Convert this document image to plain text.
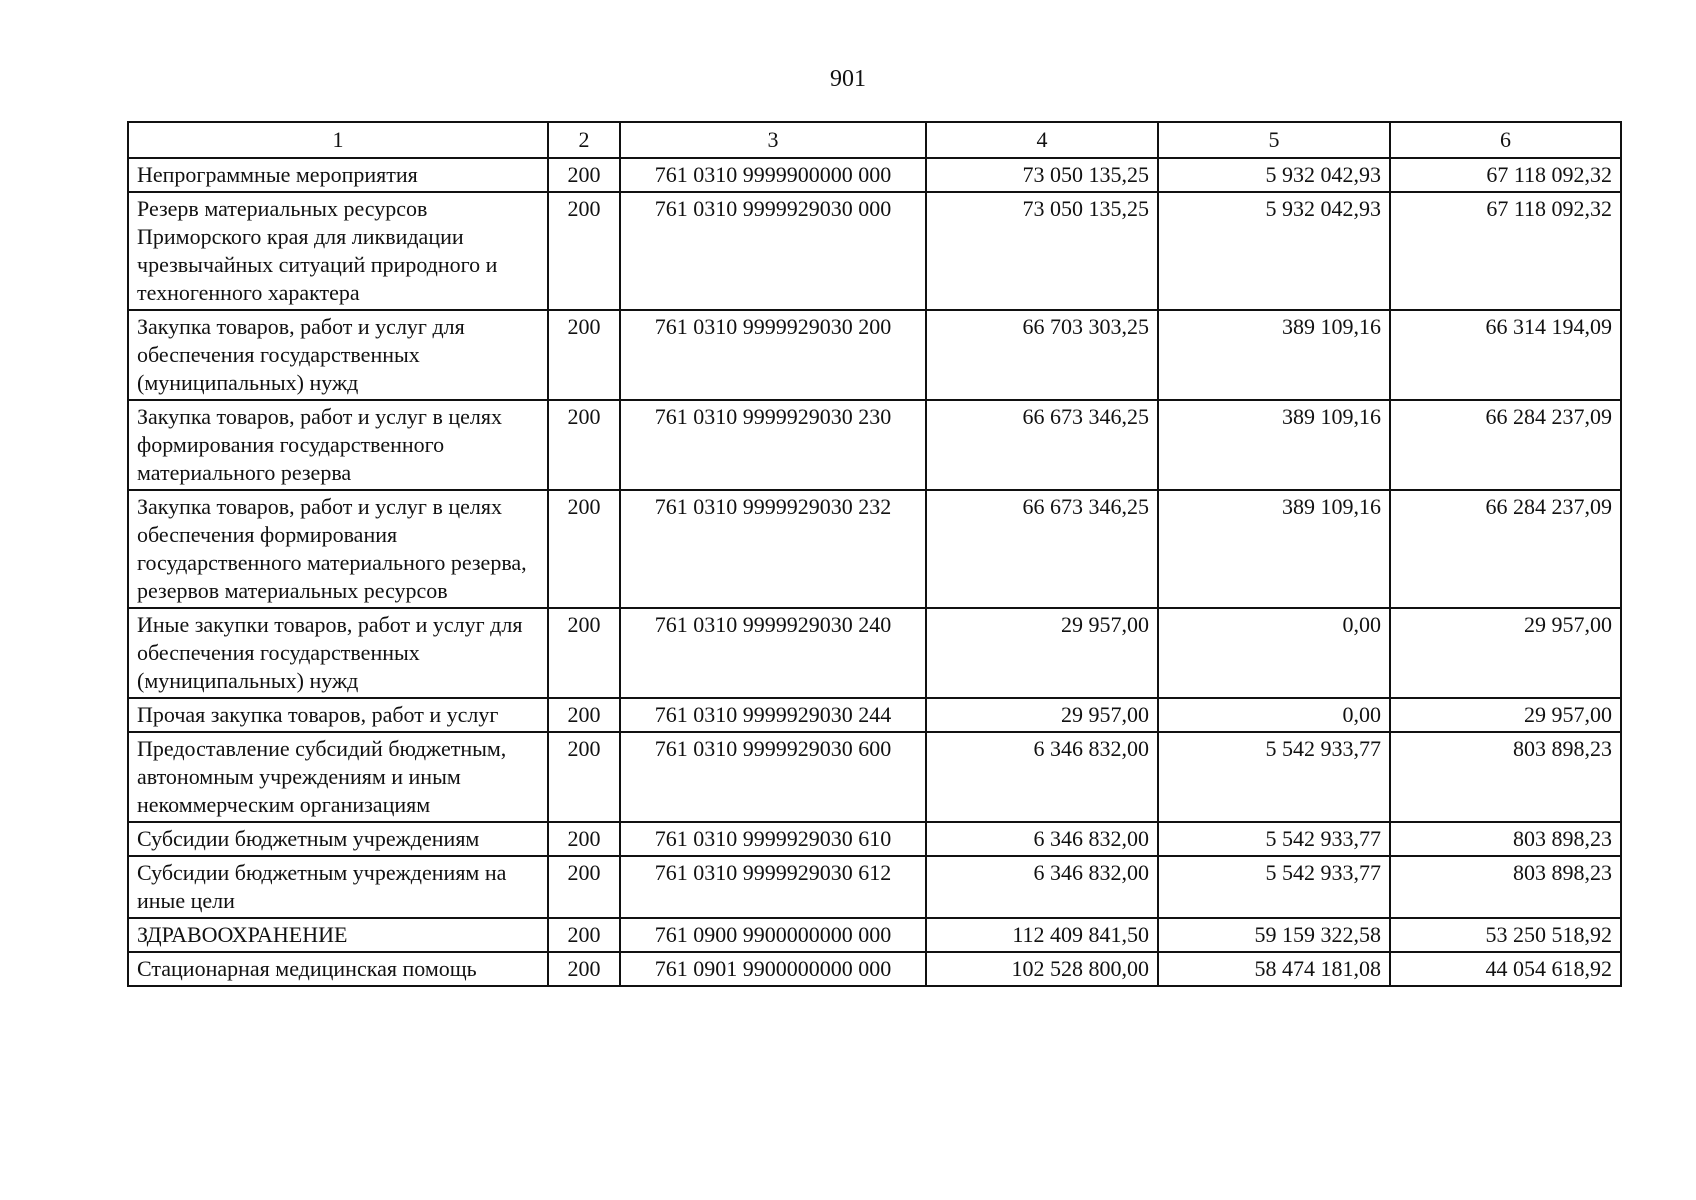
901
1	2	3	4	5	6
Непрограммные мероприятия	200	761 0310 9999900000 000	73 050 135,25	5 932 042,93	67 118 092,32
Резерв материальных ресурсов Приморского края для ликвидации чрезвычайных ситуаций природного и техногенного характера	200	761 0310 9999929030 000	73 050 135,25	5 932 042,93	67 118 092,32
Закупка товаров, работ и услуг для обеспечения государственных (муниципальных) нужд	200	761 0310 9999929030 200	66 703 303,25	389 109,16	66 314 194,09
Закупка товаров, работ и услуг в целях формирования государственного материального резерва	200	761 0310 9999929030 230	66 673 346,25	389 109,16	66 284 237,09
Закупка товаров, работ и услуг в целях обеспечения формирования государственного материального резерва, резервов материальных ресурсов	200	761 0310 9999929030 232	66 673 346,25	389 109,16	66 284 237,09
Иные закупки товаров, работ и услуг для обеспечения государственных (муниципальных) нужд	200	761 0310 9999929030 240	29 957,00	0,00	29 957,00
Прочая закупка товаров, работ и услуг	200	761 0310 9999929030 244	29 957,00	0,00	29 957,00
Предоставление субсидий бюджетным, автономным учреждениям и иным некоммерческим организациям	200	761 0310 9999929030 600	6 346 832,00	5 542 933,77	803 898,23
Субсидии бюджетным учреждениям	200	761 0310 9999929030 610	6 346 832,00	5 542 933,77	803 898,23
Субсидии бюджетным учреждениям на иные цели	200	761 0310 9999929030 612	6 346 832,00	5 542 933,77	803 898,23
ЗДРАВООХРАНЕНИЕ	200	761 0900 9900000000 000	112 409 841,50	59 159 322,58	53 250 518,92
Стационарная медицинская помощь	200	761 0901 9900000000 000	102 528 800,00	58 474 181,08	44 054 618,92
